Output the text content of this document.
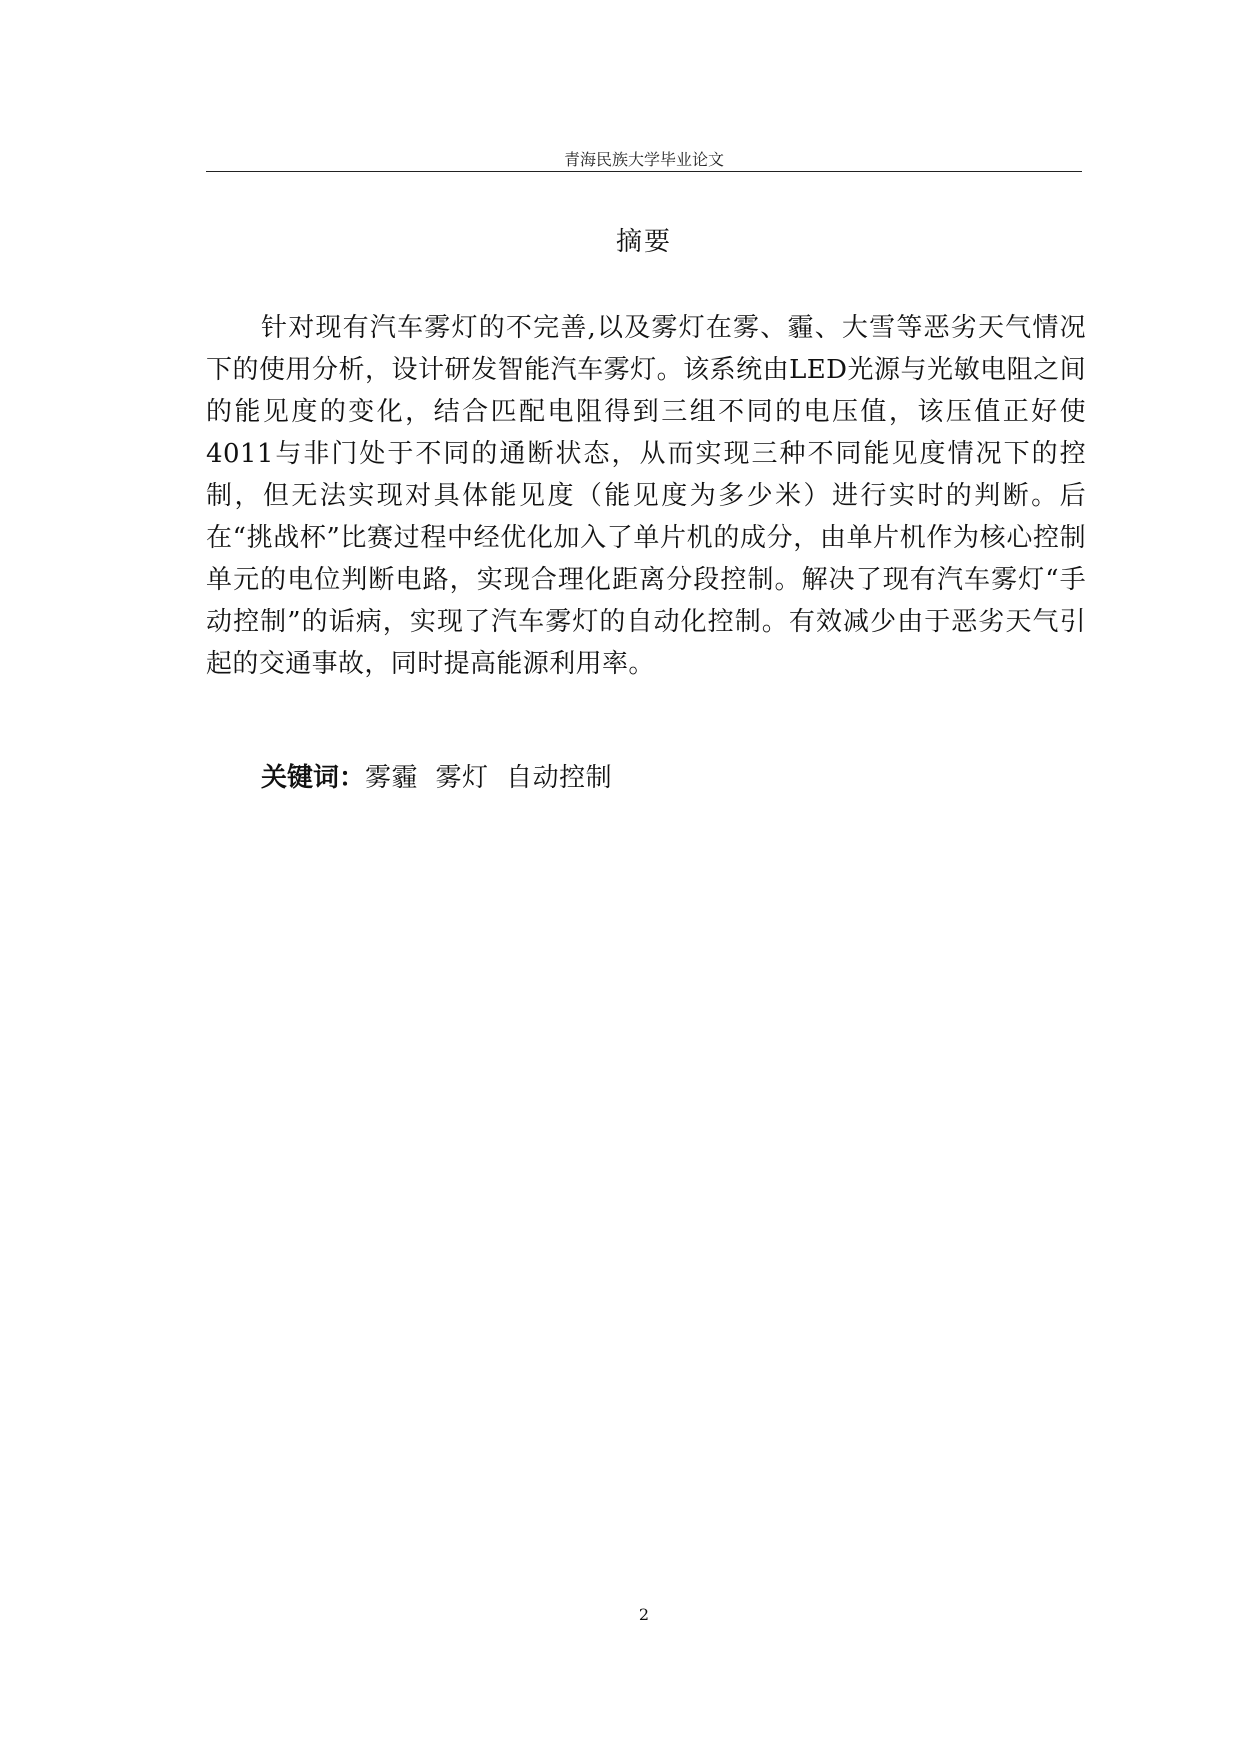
青海民族大学毕业论文
摘要

针对现有汽车雾灯的不完善,以及雾灯在雾、霾、大雪等恶劣天气情况下的使用分析，设计研发智能汽车雾灯。该系统由LED光源与光敏电阻之间的能见度的变化，结合匹配电阻得到三组不同的电压值，该压值正好使4011与非门处于不同的通断状态，从而实现三种不同能见度情况下的控制，但无法实现对具体能见度（能见度为多少米）进行实时的判断。后在“挑战杯”比赛过程中经优化加入了单片机的成分，由单片机作为核心控制单元的电位判断电路，实现合理化距离分段控制。解决了现有汽车雾灯“手动控制”的诟病，实现了汽车雾灯的自动化控制。有效减少由于恶劣天气引起的交通事故，同时提高能源利用率。

关键词：雾霾  雾灯  自动控制
2
